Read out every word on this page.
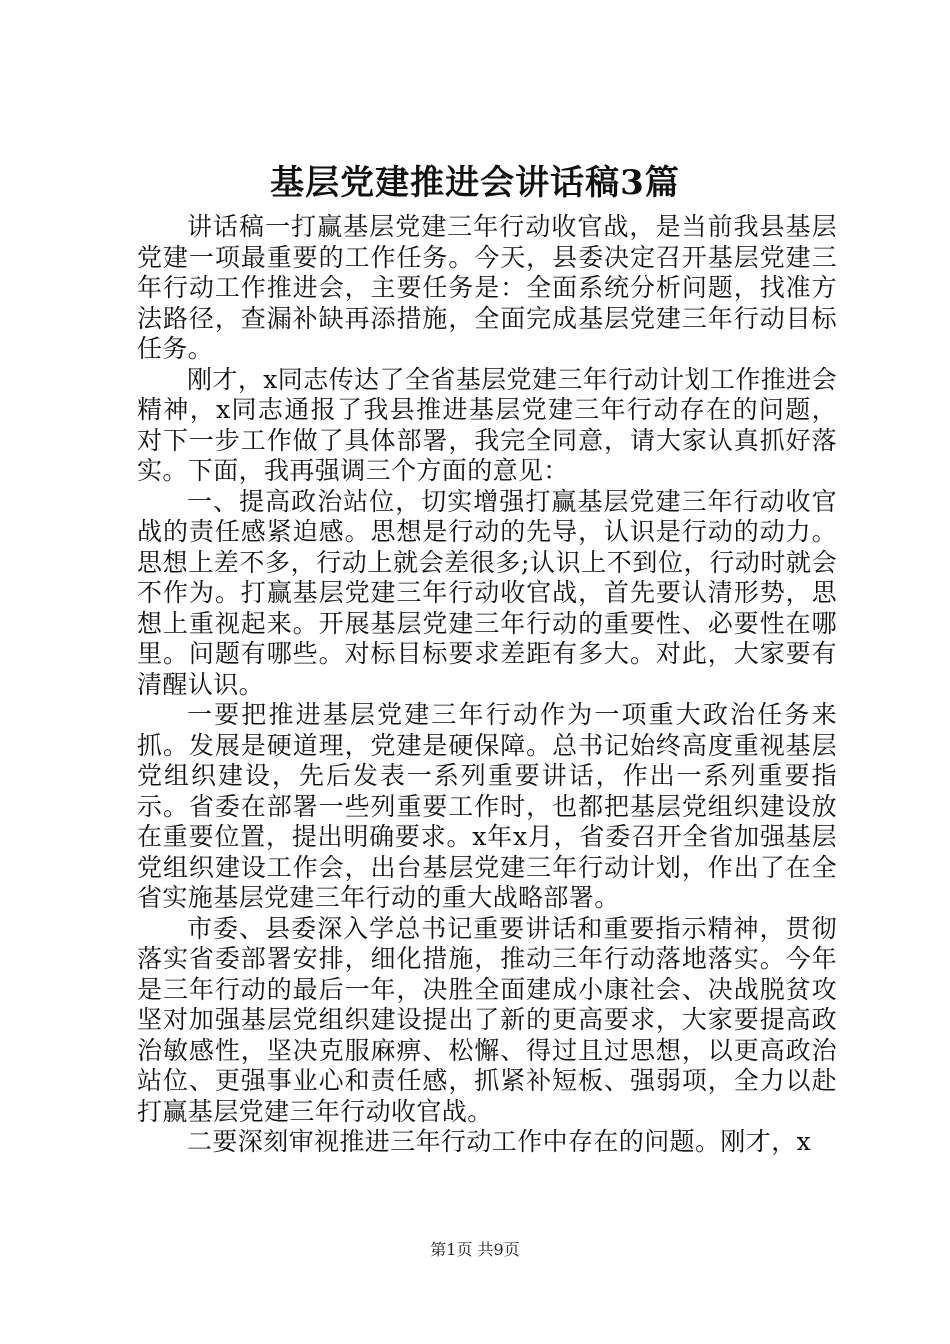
基层党建推进会讲话稿3篇

讲话稿一打赢基层党建三年行动收官战，是当前我县基层党建一项最重要的工作任务。今天，县委决定召开基层党建三年行动工作推进会，主要任务是：全面系统分析问题，找准方法路径，查漏补缺再添措施，全面完成基层党建三年行动目标任务。

刚才，x同志传达了全省基层党建三年行动计划工作推进会精神，x同志通报了我县推进基层党建三年行动存在的问题，对下一步工作做了具体部署，我完全同意，请大家认真抓好落实。下面，我再强调三个方面的意见：

一、提高政治站位，切实增强打赢基层党建三年行动收官战的责任感紧迫感。思想是行动的先导，认识是行动的动力。思想上差不多，行动上就会差很多;认识上不到位，行动时就会不作为。打赢基层党建三年行动收官战，首先要认清形势，思想上重视起来。开展基层党建三年行动的重要性、必要性在哪里。问题有哪些。对标目标要求差距有多大。对此，大家要有清醒认识。

一要把推进基层党建三年行动作为一项重大政治任务来抓。发展是硬道理，党建是硬保障。总书记始终高度重视基层党组织建设，先后发表一系列重要讲话，作出一系列重要指示。省委在部署一些列重要工作时，也都把基层党组织建设放在重要位置，提出明确要求。x年x月，省委召开全省加强基层党组织建设工作会，出台基层党建三年行动计划，作出了在全省实施基层党建三年行动的重大战略部署。

市委、县委深入学总书记重要讲话和重要指示精神，贯彻落实省委部署安排，细化措施，推动三年行动落地落实。今年是三年行动的最后一年，决胜全面建成小康社会、决战脱贫攻坚对加强基层党组织建设提出了新的更高要求，大家要提高政治敏感性，坚决克服麻痹、松懈、得过且过思想，以更高政治站位、更强事业心和责任感，抓紧补短板、强弱项，全力以赴打赢基层党建三年行动收官战。

二要深刻审视推进三年行动工作中存在的问题。刚才，x

第1页 共9页
